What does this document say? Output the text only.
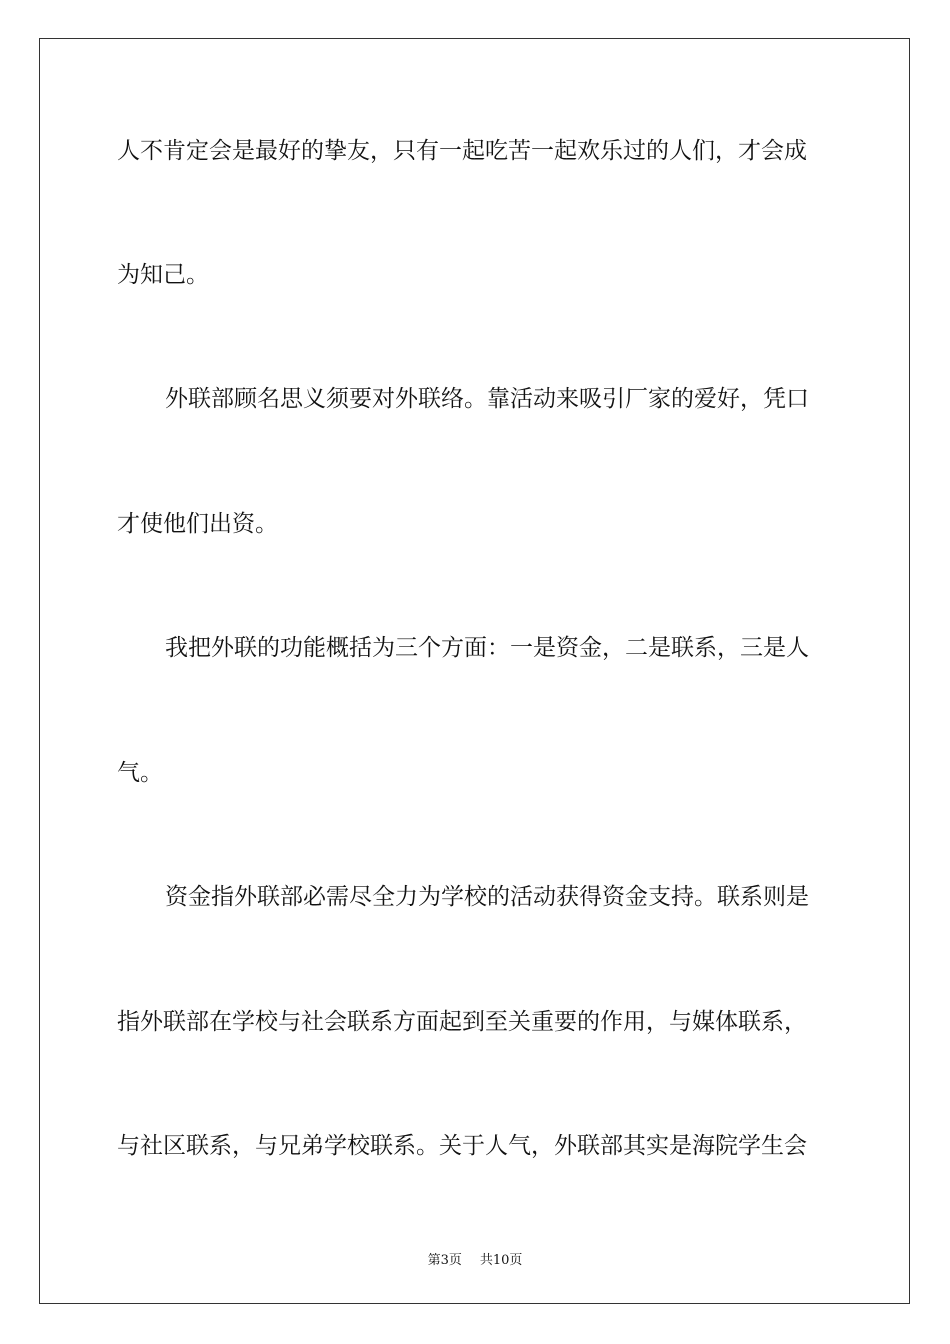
人不肯定会是最好的挚友，只有一起吃苦一起欢乐过的人们，才会成
为知己。
外联部顾名思义须要对外联络。靠活动来吸引厂家的爱好，凭口
才使他们出资。
我把外联的功能概括为三个方面：一是资金，二是联系，三是人
气。
资金指外联部必需尽全力为学校的活动获得资金支持。联系则是
指外联部在学校与社会联系方面起到至关重要的作用，与媒体联系，
与社区联系，与兄弟学校联系。关于人气，外联部其实是海院学生会
第3页 共10页
